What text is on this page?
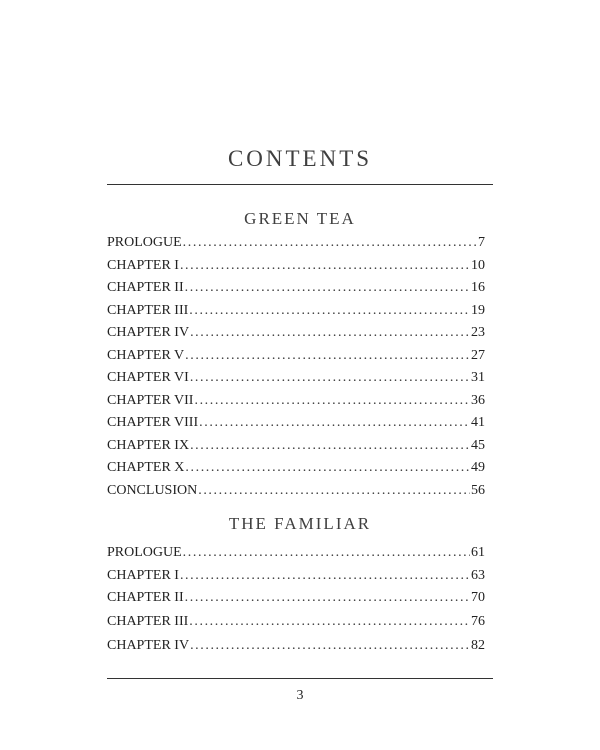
CONTENTS
GREEN TEA
PROLOGUE .....	7
CHAPTER I .....	10
CHAPTER II .....	16
CHAPTER III .....	19
CHAPTER IV .....	23
CHAPTER V .....	27
CHAPTER VI .....	31
CHAPTER VII .....	36
CHAPTER VIII .....	41
CHAPTER IX .....	45
CHAPTER X .....	49
CONCLUSION .....	56
THE FAMILIAR
PROLOGUE .....	61
CHAPTER I .....	63
CHAPTER II .....	70
CHAPTER III .....	76
CHAPTER IV .....	82
3
